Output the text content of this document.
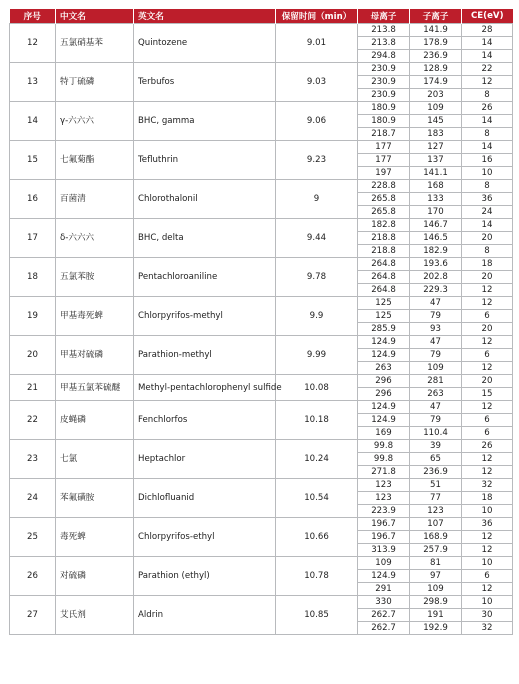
序号	中文名	英文名	保留时间（min）	母离子	子离子	CE(eV)
12	五氯硝基苯	Quintozene	9.01	213.8	141.9	28
				213.8	178.9	14
				294.8	236.9	14
13	特丁硫磷	Terbufos	9.03	230.9	128.9	22
				230.9	174.9	12
				230.9	203	8
14	γ-六六六	BHC, gamma	9.06	180.9	109	26
				180.9	145	14
				218.7	183	8
15	七氟菊酯	Tefluthrin	9.23	177	127	14
				177	137	16
				197	141.1	10
16	百菌清	Chlorothalonil	9	228.8	168	8
				265.8	133	36
				265.8	170	24
17	δ-六六六	BHC, delta	9.44	182.8	146.7	14
				218.8	146.5	20
				218.8	182.9	8
18	五氯苯胺	Pentachloroaniline	9.78	264.8	193.6	18
				264.8	202.8	20
				264.8	229.3	12
19	甲基毒死蜱	Chlorpyrifos-methyl	9.9	125	47	12
				125	79	6
				285.9	93	20
20	甲基对硫磷	Parathion-methyl	9.99	124.9	47	12
				124.9	79	6
				263	109	12
21	甲基五氯苯硫醚	Methyl-pentachlorophenyl sulfide	10.08	296	281	20
				296	263	15
22	皮蝇磷	Fenchlorfos	10.18	124.9	47	12
				124.9	79	6
				169	110.4	6
23	七氯	Heptachlor	10.24	99.8	39	26
				99.8	65	12
				271.8	236.9	12
24	苯氟磺胺	Dichlofluanid	10.54	123	51	32
				123	77	18
				223.9	123	10
25	毒死蜱	Chlorpyrifos-ethyl	10.66	196.7	107	36
				196.7	168.9	12
				313.9	257.9	12
26	对硫磷	Parathion (ethyl)	10.78	109	81	10
				124.9	97	6
				291	109	12
27	艾氏剂	Aldrin	10.85	330	298.9	10
				262.7	191	30
				262.7	192.9	32
